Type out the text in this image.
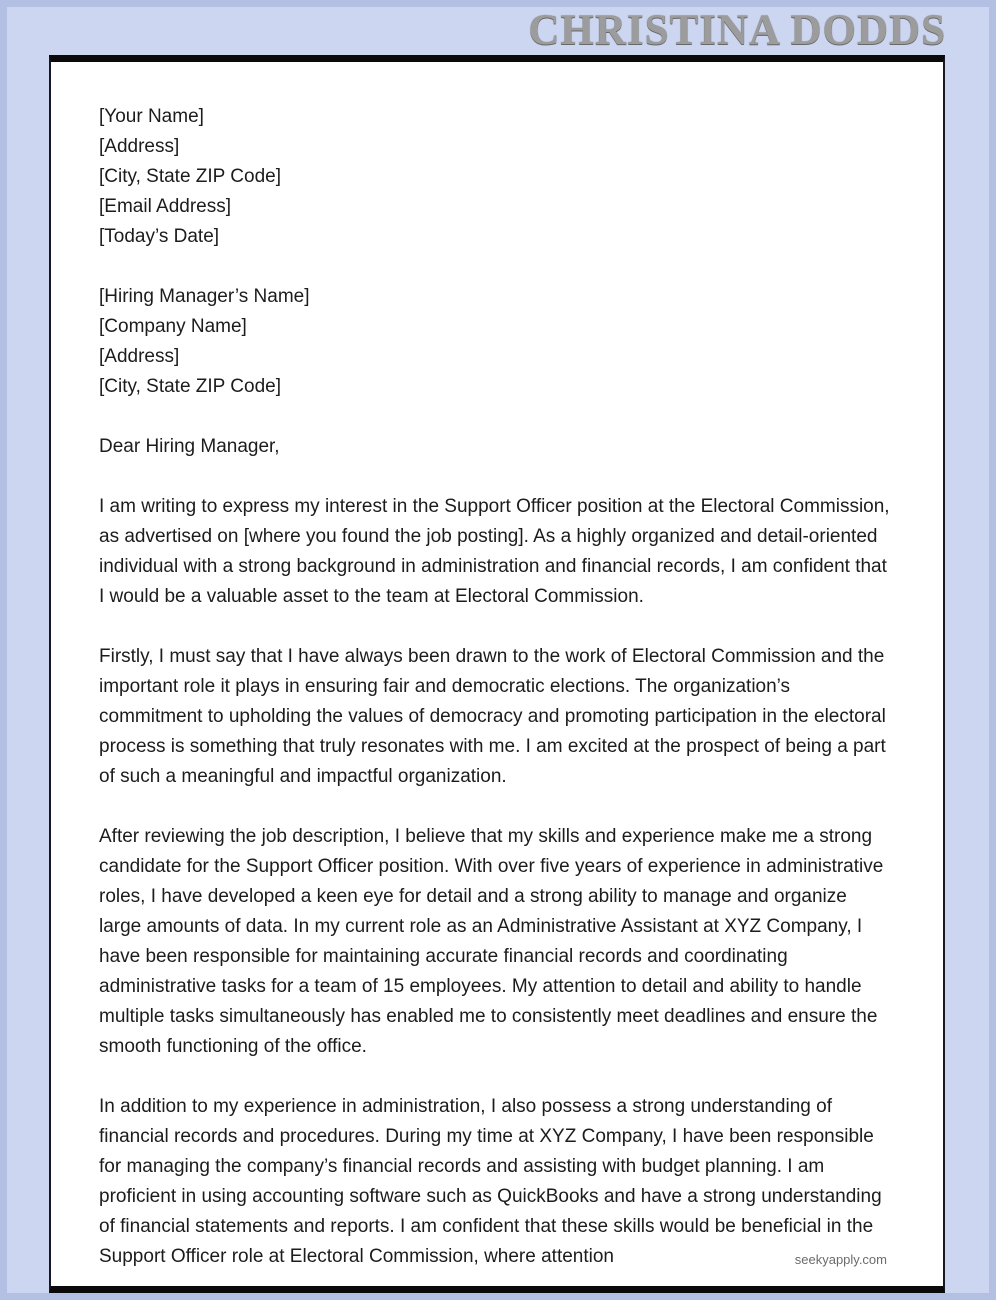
CHRISTINA DODDS
[Your Name]
[Address]
[City, State ZIP Code]
[Email Address]
[Today’s Date]
[Hiring Manager’s Name]
[Company Name]
[Address]
[City, State ZIP Code]
Dear Hiring Manager,

I am writing to express my interest in the Support Officer position at the Electoral Commission, as advertised on [where you found the job posting]. As a highly organized and detail-oriented individual with a strong background in administration and financial records, I am confident that I would be a valuable asset to the team at Electoral Commission.

Firstly, I must say that I have always been drawn to the work of Electoral Commission and the important role it plays in ensuring fair and democratic elections. The organization’s commitment to upholding the values of democracy and promoting participation in the electoral process is something that truly resonates with me. I am excited at the prospect of being a part of such a meaningful and impactful organization.

After reviewing the job description, I believe that my skills and experience make me a strong candidate for the Support Officer position. With over five years of experience in administrative roles, I have developed a keen eye for detail and a strong ability to manage and organize large amounts of data. In my current role as an Administrative Assistant at XYZ Company, I have been responsible for maintaining accurate financial records and coordinating administrative tasks for a team of 15 employees. My attention to detail and ability to handle multiple tasks simultaneously has enabled me to consistently meet deadlines and ensure the smooth functioning of the office.

In addition to my experience in administration, I also possess a strong understanding of financial records and procedures. During my time at XYZ Company, I have been responsible for managing the company’s financial records and assisting with budget planning. I am proficient in using accounting software such as QuickBooks and have a strong understanding of financial statements and reports. I am confident that these skills would be beneficial in the Support Officer role at Electoral Commission, where attention	seekyapply.com
